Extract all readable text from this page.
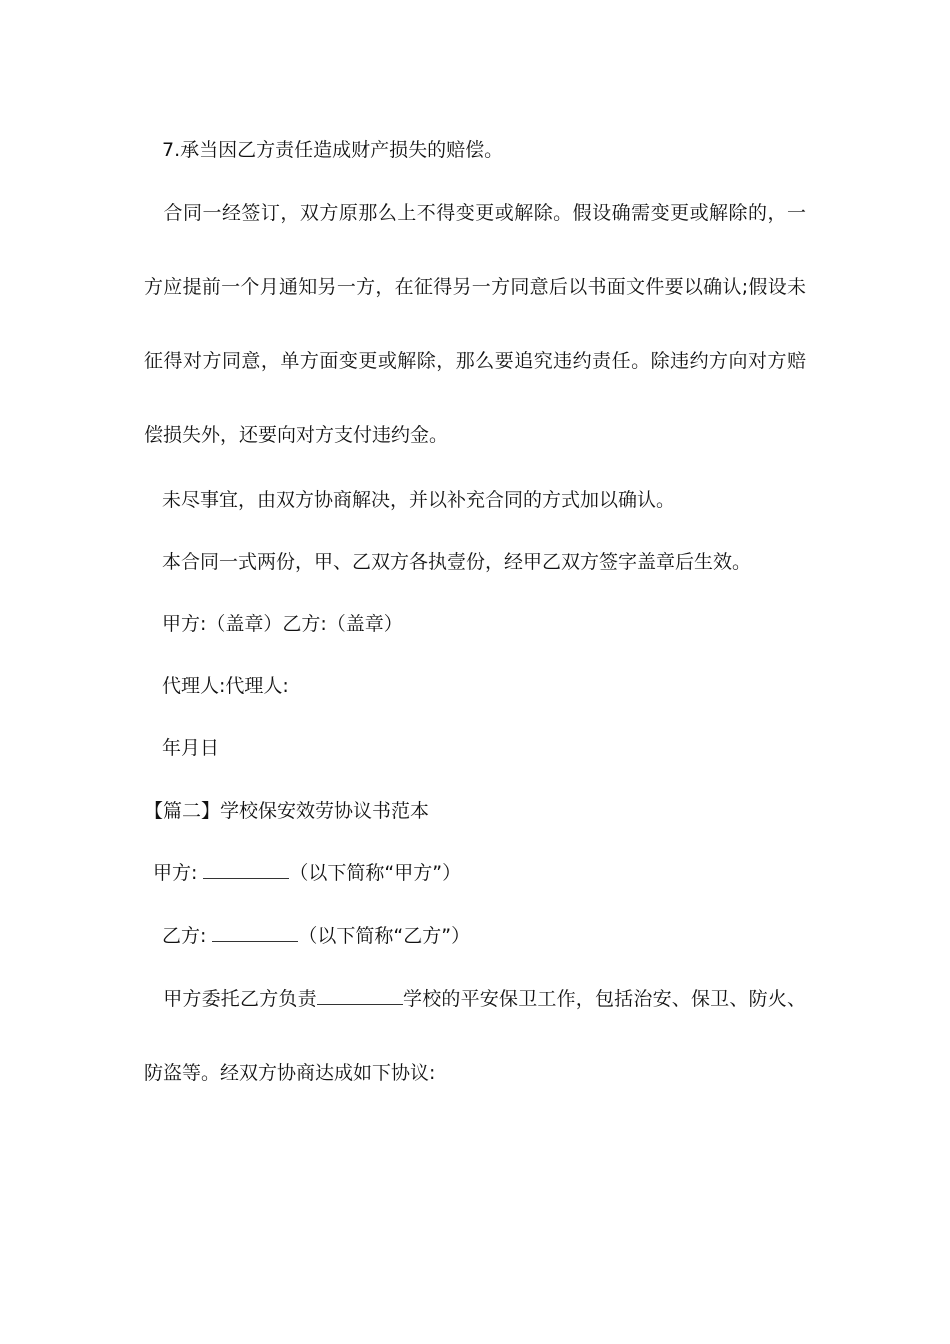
7.承当因乙方责任造成财产损失的赔偿。
合同一经签订，双方原那么上不得变更或解除。假设确需变更或解除的，一方应提前一个月通知另一方，在征得另一方同意后以书面文件要以确认;假设未征得对方同意，单方面变更或解除，那么要追究违约责任。除违约方向对方赔偿损失外，还要向对方支付违约金。
未尽事宜，由双方协商解决，并以补充合同的方式加以确认。
本合同一式两份，甲、乙双方各执壹份，经甲乙双方签字盖章后生效。
甲方:（盖章）乙方:（盖章）
代理人:代理人:
年月日
【篇二】学校保安效劳协议书范本
甲方:	（以下简称“甲方”）
乙方:	（以下简称“乙方”）
甲方委托乙方负责	学校的平安保卫工作，包括治安、保卫、防火、防盗等。经双方协商达成如下协议:
